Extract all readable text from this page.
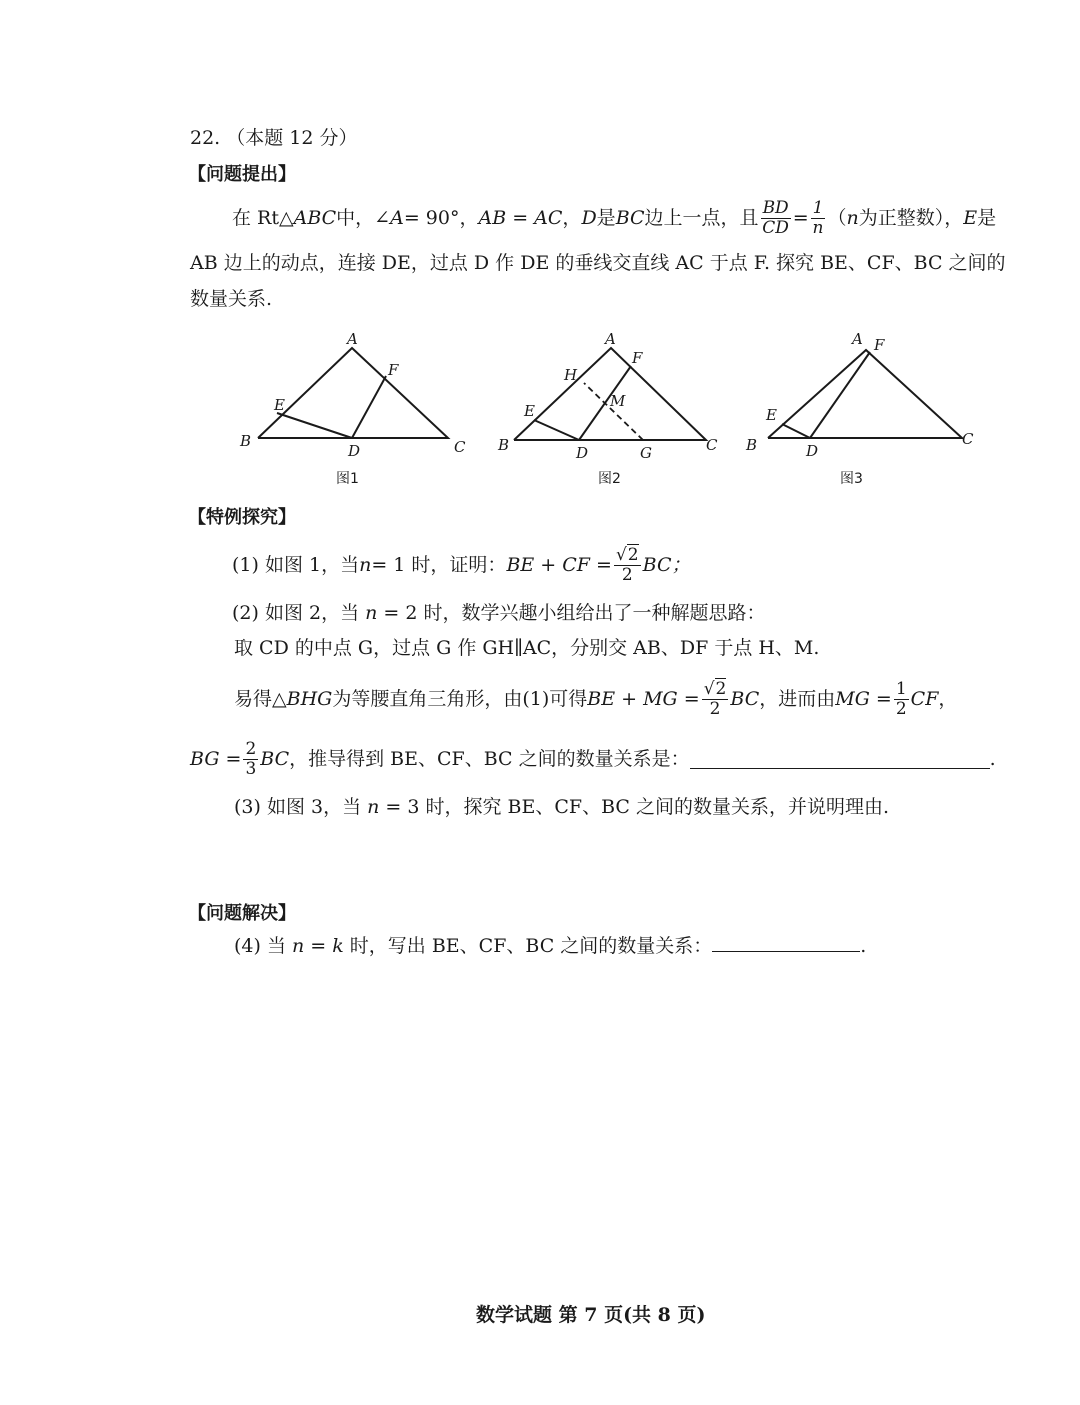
22. （本题 12 分）
【问题提出】
在 Rt△ ABC 中，∠ A = 90°， AB = AC ， D 是 BC 边上一点，且 $\frac{BD}{CD} = \frac{1}{n}$ （ n 为正整数）， E 是
AB 边上的动点，连接 DE，过点 D 作 DE 的垂线交直线 AC 于点 F. 探究 BE、CF、BC 之间的
数量关系.
A
B	C
D
E
F
图1
A
B	C
D
E
F
G
H
M
图2
A
B	C
D
E
F
图3
【特例探究】
(1) 如图 1，当 n = 1 时，证明： BE + CF = $\frac{√2}{2}$ BC；
(2) 如图 2，当 n = 2 时，数学兴趣小组给出了一种解题思路：
取 CD 的中点 G，过点 G 作 GH∥AC，分别交 AB、DF 于点 H、M.
易得△ BHG 为等腰直角三角形，由(1)可得 BE + MG = $\frac{√2}{2}$ BC ，进而由 MG = $\frac{1}{2}$ CF ，
BG = $\frac{2}{3}$ BC ，推导得到 BE、CF、BC 之间的数量关系是：	.
(3) 如图 3，当 n = 3 时，探究 BE、CF、BC 之间的数量关系，并说明理由.
【问题解决】
(4) 当 n = k 时，写出 BE、CF、BC 之间的数量关系：	.
数学试题 第 7 页(共 8 页)
